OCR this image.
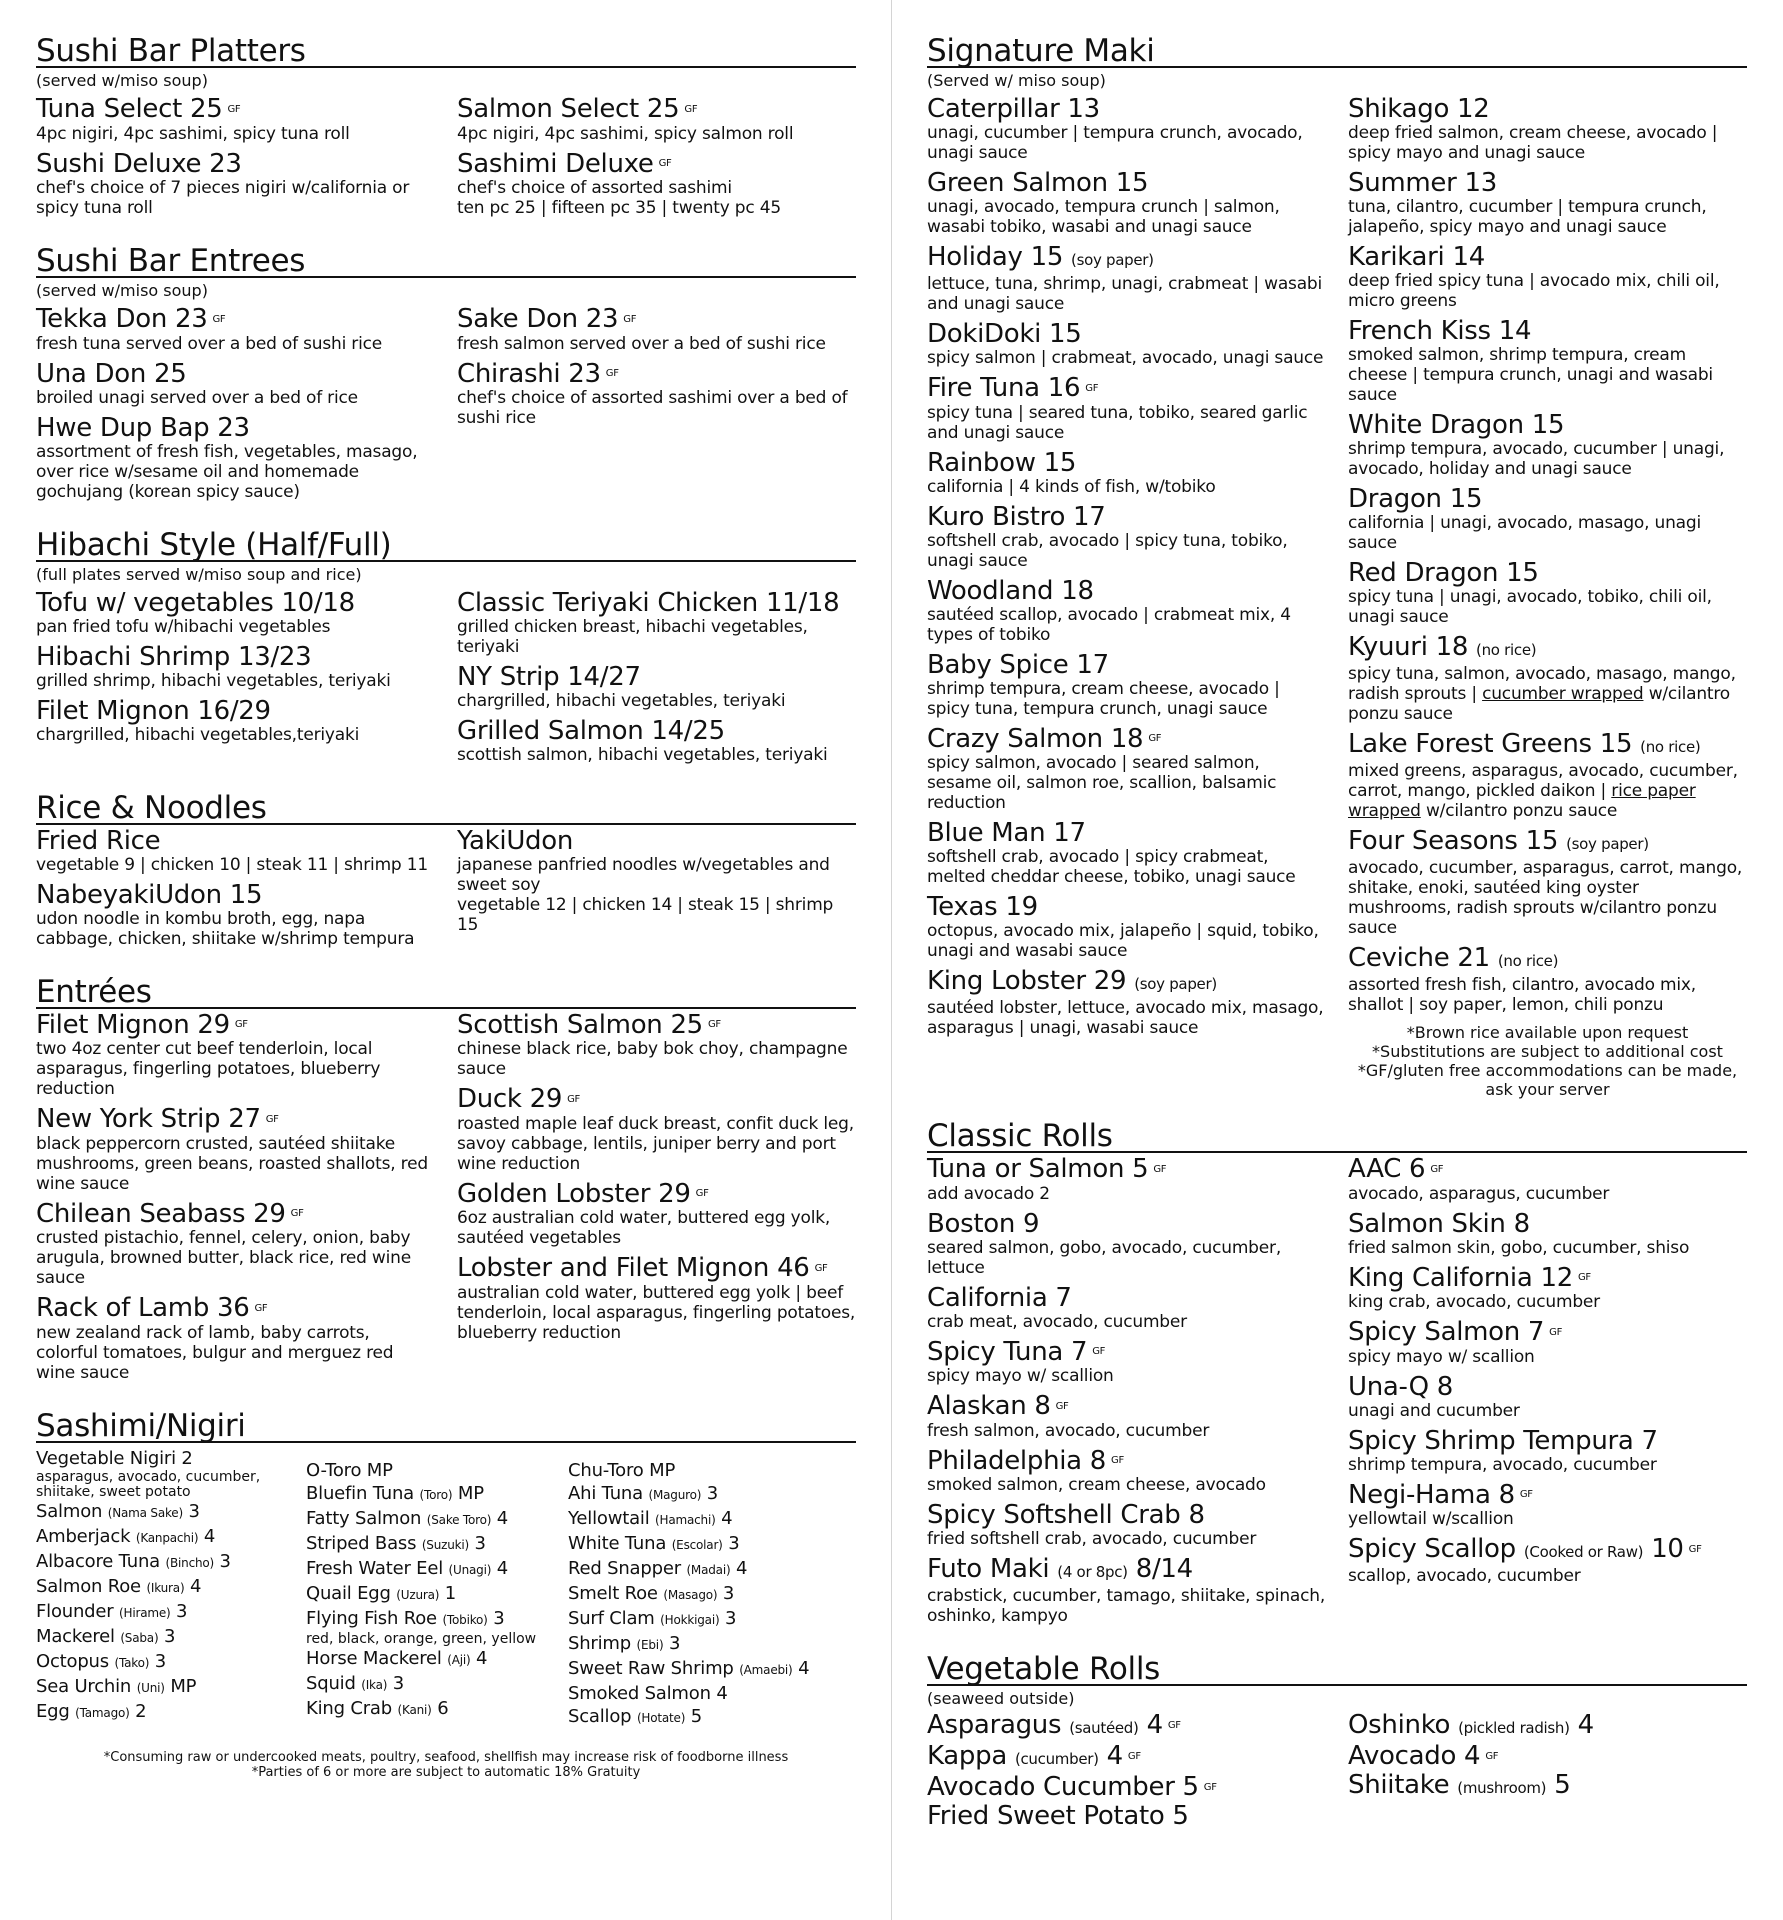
Sushi Bar Platters
(served w/miso soup)
Tuna Select 25 GF
4pc nigiri, 4pc sashimi, spicy tuna roll
Sushi Deluxe 23
chef's choice of 7 pieces nigiri w/california or spicy tuna roll
Salmon Select 25 GF
4pc nigiri, 4pc sashimi, spicy salmon roll
Sashimi Deluxe GF
chef's choice of assorted sashimi
ten pc 25 | fifteen pc 35 | twenty pc 45
Sushi Bar Entrees
(served w/miso soup)
Tekka Don 23 GF
fresh tuna served over a bed of sushi rice
Una Don 25
broiled unagi served over a bed of rice
Hwe Dup Bap 23
assortment of fresh fish, vegetables, masago, over rice w/sesame oil and homemade gochujang (korean spicy sauce)
Sake Don 23 GF
fresh salmon served over a bed of sushi rice
Chirashi 23 GF
chef's choice of assorted sashimi over a bed of sushi rice
Hibachi Style (Half/Full)
(full plates served w/miso soup and rice)
Tofu w/ vegetables 10/18
pan fried tofu w/hibachi vegetables
Hibachi Shrimp 13/23
grilled shrimp, hibachi vegetables, teriyaki
Filet Mignon 16/29
chargrilled, hibachi vegetables,teriyaki
Classic Teriyaki Chicken 11/18
grilled chicken breast, hibachi vegetables, teriyaki
NY Strip 14/27
chargrilled, hibachi vegetables, teriyaki
Grilled Salmon 14/25
scottish salmon, hibachi vegetables, teriyaki
Rice & Noodles
Fried Rice
vegetable 9 | chicken 10 | steak 11 | shrimp 11
NabeyakiUdon 15
udon noodle in kombu broth, egg, napa cabbage, chicken, shiitake w/shrimp tempura
YakiUdon
japanese panfried noodles w/vegetables and sweet soy
vegetable 12 | chicken 14 | steak 15 | shrimp 15
Entrées
Filet Mignon 29 GF
two 4oz center cut beef tenderloin, local asparagus, fingerling potatoes, blueberry reduction
New York Strip 27 GF
black peppercorn crusted, sautéed shiitake mushrooms, green beans, roasted shallots, red wine sauce
Chilean Seabass 29 GF
crusted pistachio, fennel, celery, onion, baby arugula, browned butter, black rice, red wine sauce
Rack of Lamb 36 GF
new zealand rack of lamb, baby carrots, colorful tomatoes, bulgur and merguez red wine sauce
Scottish Salmon 25 GF
chinese black rice, baby bok choy, champagne sauce
Duck 29 GF
roasted maple leaf duck breast, confit duck leg, savoy cabbage, lentils, juniper berry and port wine reduction
Golden Lobster 29 GF
6oz australian cold water, buttered egg yolk, sautéed vegetables
Lobster and Filet Mignon 46 GF
australian cold water, buttered egg yolk | beef tenderloin, local asparagus, fingerling potatoes, blueberry reduction
Sashimi/Nigiri
Vegetable Nigiri 2
asparagus, avocado, cucumber, shiitake, sweet potato
Salmon (Nama Sake) 3
Amberjack (Kanpachi) 4
Albacore Tuna (Bincho) 3
Salmon Roe (Ikura) 4
Flounder (Hirame) 3
Mackerel (Saba) 3
Octopus (Tako) 3
Sea Urchin (Uni) MP
Egg (Tamago) 2
O-Toro MP
Bluefin Tuna (Toro) MP
Fatty Salmon (Sake Toro) 4
Striped Bass (Suzuki) 3
Fresh Water Eel (Unagi) 4
Quail Egg (Uzura) 1
Flying Fish Roe (Tobiko) 3
red, black, orange, green, yellow
Horse Mackerel (Aji) 4
Squid (Ika) 3
King Crab (Kani) 6
Chu-Toro MP
Ahi Tuna (Maguro) 3
Yellowtail (Hamachi) 4
White Tuna (Escolar) 3
Red Snapper (Madai) 4
Smelt Roe (Masago) 3
Surf Clam (Hokkigai) 3
Shrimp (Ebi) 3
Sweet Raw Shrimp (Amaebi) 4
Smoked Salmon 4
Scallop (Hotate) 5
*Consuming raw or undercooked meats, poultry, seafood, shellfish may increase risk of foodborne illness
*Parties of 6 or more are subject to automatic 18% Gratuity
Signature Maki
(Served w/ miso soup)
Caterpillar 13
unagi, cucumber | tempura crunch, avocado, unagi sauce
Green Salmon 15
unagi, avocado, tempura crunch | salmon, wasabi tobiko, wasabi and unagi sauce
Holiday 15 (soy paper)
lettuce, tuna, shrimp, unagi, crabmeat | wasabi and unagi sauce
DokiDoki 15
spicy salmon | crabmeat, avocado, unagi sauce
Fire Tuna 16 GF
spicy tuna | seared tuna, tobiko, seared garlic and unagi sauce
Rainbow 15
california | 4 kinds of fish, w/tobiko
Kuro Bistro 17
softshell crab, avocado | spicy tuna, tobiko, unagi sauce
Woodland 18
sautéed scallop, avocado | crabmeat mix, 4 types of tobiko
Baby Spice 17
shrimp tempura, cream cheese, avocado | spicy tuna, tempura crunch, unagi sauce
Crazy Salmon 18 GF
spicy salmon, avocado | seared salmon, sesame oil, salmon roe, scallion, balsamic reduction
Blue Man 17
softshell crab, avocado | spicy crabmeat, melted cheddar cheese, tobiko, unagi sauce
Texas 19
octopus, avocado mix, jalapeño | squid, tobiko, unagi and wasabi sauce
King Lobster 29 (soy paper)
sautéed lobster, lettuce, avocado mix, masago, asparagus | unagi, wasabi sauce
Shikago 12
deep fried salmon, cream cheese, avocado | spicy mayo and unagi sauce
Summer 13
tuna, cilantro, cucumber | tempura crunch, jalapeño, spicy mayo and unagi sauce
Karikari 14
deep fried spicy tuna | avocado mix, chili oil, micro greens
French Kiss 14
smoked salmon, shrimp tempura, cream cheese | tempura crunch, unagi and wasabi sauce
White Dragon 15
shrimp tempura, avocado, cucumber | unagi, avocado, holiday and unagi sauce
Dragon 15
california | unagi, avocado, masago, unagi sauce
Red Dragon 15
spicy tuna | unagi, avocado, tobiko, chili oil, unagi sauce
Kyuuri 18 (no rice)
spicy tuna, salmon, avocado, masago, mango, radish sprouts | cucumber wrapped w/cilantro ponzu sauce
Lake Forest Greens 15 (no rice)
mixed greens, asparagus, avocado, cucumber, carrot, mango, pickled daikon | rice paper wrapped w/cilantro ponzu sauce
Four Seasons 15 (soy paper)
avocado, cucumber, asparagus, carrot, mango, shitake, enoki, sautéed king oyster mushrooms, radish sprouts w/cilantro ponzu sauce
Ceviche 21 (no rice)
assorted fresh fish, cilantro, avocado mix, shallot | soy paper, lemon, chili ponzu
*Brown rice available upon request
*Substitutions are subject to additional cost
*GF/gluten free accommodations can be made, ask your server
Classic Rolls
Tuna or Salmon 5 GF
add avocado 2
Boston 9
seared salmon, gobo, avocado, cucumber, lettuce
California 7
crab meat, avocado, cucumber
Spicy Tuna 7 GF
spicy mayo w/ scallion
Alaskan 8 GF
fresh salmon, avocado, cucumber
Philadelphia 8 GF
smoked salmon, cream cheese, avocado
Spicy Softshell Crab 8
fried softshell crab, avocado, cucumber
Futo Maki (4 or 8pc) 8/14
crabstick, cucumber, tamago, shiitake, spinach, oshinko, kampyo
AAC 6 GF
avocado, asparagus, cucumber
Salmon Skin 8
fried salmon skin, gobo, cucumber, shiso
King California 12 GF
king crab, avocado, cucumber
Spicy Salmon 7 GF
spicy mayo w/ scallion
Una-Q 8
unagi and cucumber
Spicy Shrimp Tempura 7
shrimp tempura, avocado, cucumber
Negi-Hama 8 GF
yellowtail w/scallion
Spicy Scallop (Cooked or Raw) 10 GF
scallop, avocado, cucumber
Vegetable Rolls
(seaweed outside)
Asparagus (sautéed) 4 GF
Kappa (cucumber) 4 GF
Avocado Cucumber 5 GF
Fried Sweet Potato 5
Oshinko (pickled radish) 4
Avocado 4 GF
Shiitake (mushroom) 5
